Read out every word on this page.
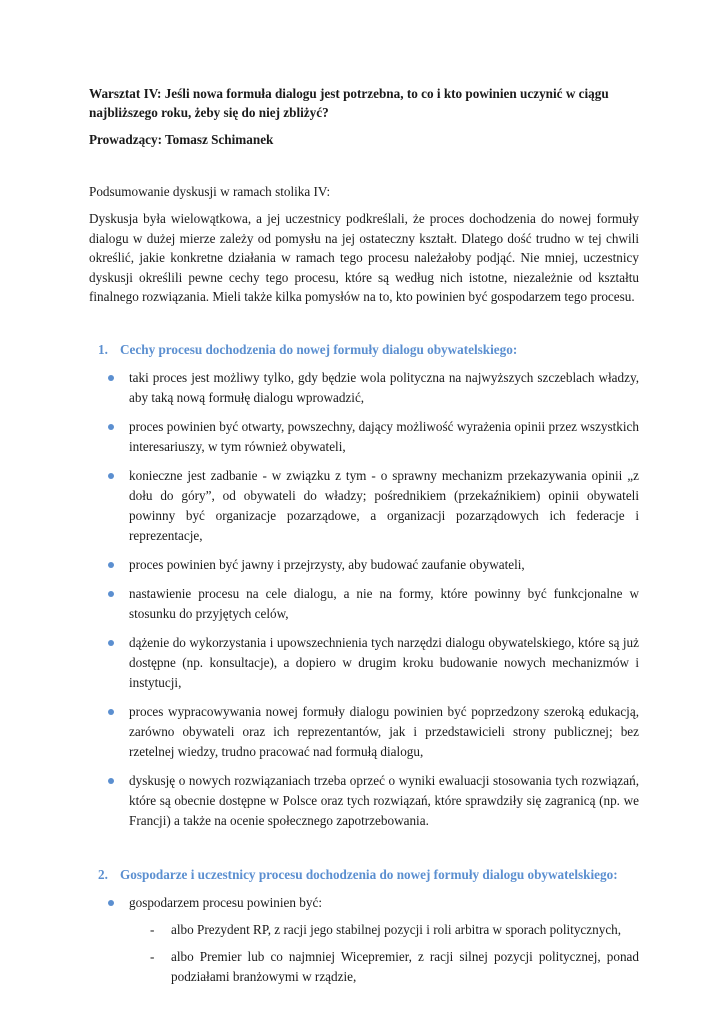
Warsztat IV: Jeśli nowa formuła dialogu jest potrzebna, to co i kto powinien uczynić w ciągu najbliższego roku, żeby się do niej zbliżyć?

Prowadzący: Tomasz Schimanek

Podsumowanie dyskusji w ramach stolika IV:

Dyskusja była wielowątkowa, a jej uczestnicy podkreślali, że proces dochodzenia do nowej formuły dialogu w dużej mierze zależy od pomysłu na jej ostateczny kształt. Dlatego dość trudno w tej chwili określić, jakie konkretne działania w ramach tego procesu należałoby podjąć. Nie mniej, uczestnicy dyskusji określili pewne cechy tego procesu, które są według nich istotne, niezależnie od kształtu finalnego rozwiązania. Mieli także kilka pomysłów na to, kto powinien być gospodarzem tego procesu.

1. Cechy procesu dochodzenia do nowej formuły dialogu obywatelskiego:
taki proces jest możliwy tylko, gdy będzie wola polityczna na najwyższych szczeblach władzy, aby taką nową formułę dialogu wprowadzić,
proces powinien być otwarty, powszechny, dający możliwość wyrażenia opinii przez wszystkich interesariuszy, w tym również obywateli,
konieczne jest zadbanie - w związku z tym - o sprawny mechanizm przekazywania opinii „z dołu do góry”, od obywateli do władzy; pośrednikiem (przekaźnikiem) opinii obywateli powinny być organizacje pozarządowe, a organizacji pozarządowych ich federacje i reprezentacje,
proces powinien być jawny i przejrzysty, aby budować zaufanie obywateli,
nastawienie procesu na cele dialogu, a nie na formy, które powinny być funkcjonalne w stosunku do przyjętych celów,
dążenie do wykorzystania i upowszechnienia tych narzędzi dialogu obywatelskiego, które są już dostępne (np. konsultacje), a dopiero w drugim kroku budowanie nowych mechanizmów i instytucji,
proces wypracowywania nowej formuły dialogu powinien być poprzedzony szeroką edukacją, zarówno obywateli oraz ich reprezentantów, jak i przedstawicieli strony publicznej; bez rzetelnej wiedzy, trudno pracować nad formułą dialogu,
dyskusję o nowych rozwiązaniach trzeba oprzeć o wyniki ewaluacji stosowania tych rozwiązań, które są obecnie dostępne w Polsce oraz tych rozwiązań, które sprawdziły się zagranicą (np. we Francji) a także na ocenie społecznego zapotrzebowania.
2. Gospodarze i uczestnicy procesu dochodzenia do nowej formuły dialogu obywatelskiego:
gospodarzem procesu powinien być:
- albo Prezydent RP, z racji jego stabilnej pozycji i roli arbitra w sporach politycznych,
- albo Premier lub co najmniej Wicepremier, z racji silnej pozycji politycznej, ponad podziałami branżowymi w rządzie,
